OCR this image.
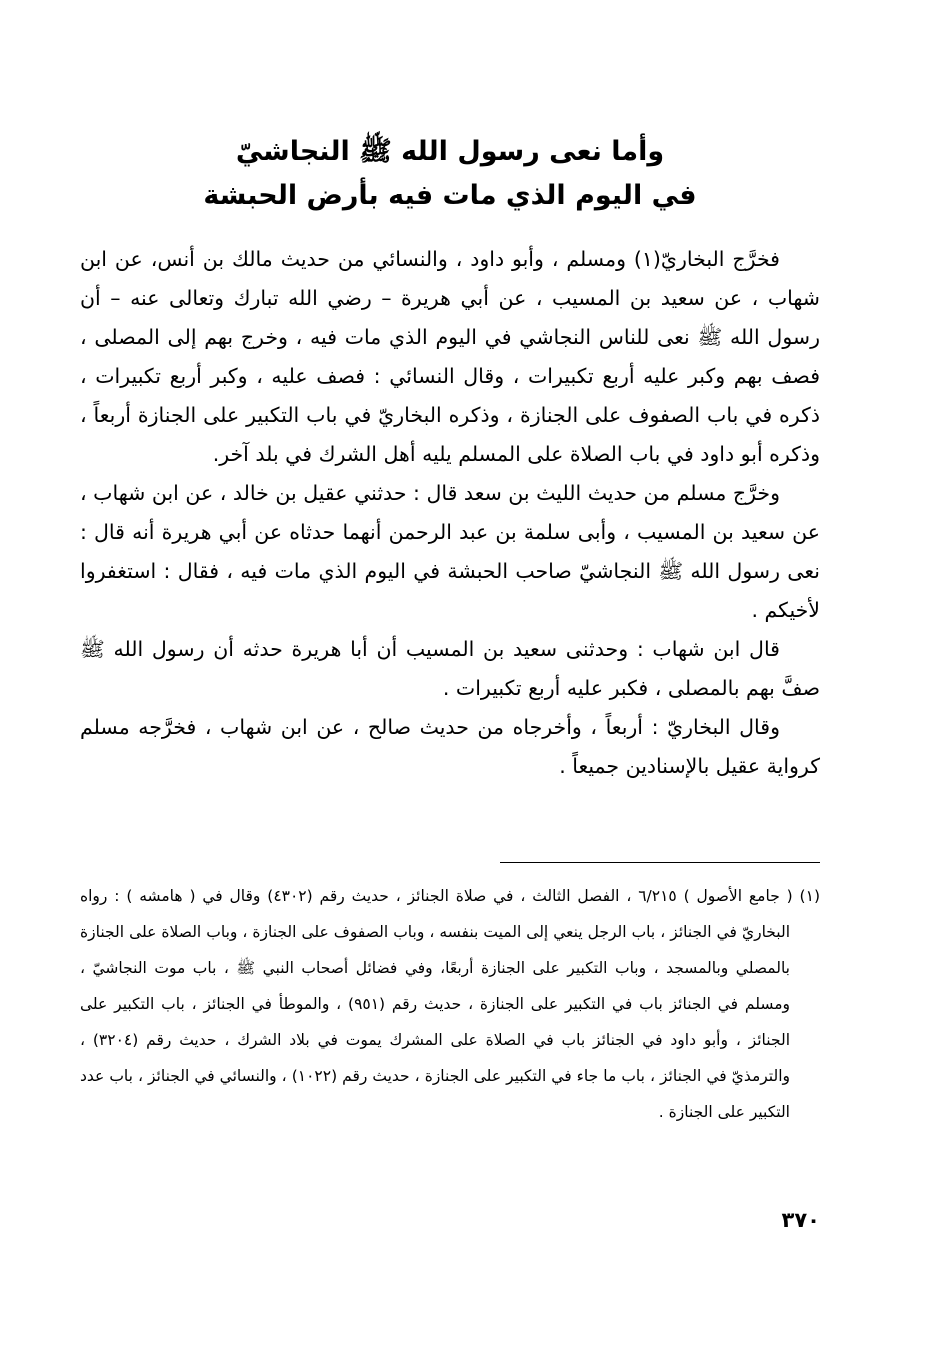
وأما نعى رسول الله ﷺ النجاشيّ
في اليوم الذي مات فيه بأرض الحبشة

فخرَّج البخاريّ(١) ومسلم ، وأبو داود ، والنسائي من حديث مالك بن أنس، عن ابن شهاب ، عن سعيد بن المسيب ، عن أبي هريرة – رضي الله تبارك وتعالى عنه – أن رسول الله ﷺ نعى للناس النجاشي في اليوم الذي مات فيه ، وخرج بهم إلى المصلى ، فصف بهم وكبر عليه أربع تكبيرات ، وقال النسائي : فصف عليه ، وكبر أربع تكبيرات ، ذكره في باب الصفوف على الجنازة ، وذكره البخاريّ في باب التكبير على الجنازة أربعاً ، وذكره أبو داود في باب الصلاة على المسلم يليه أهل الشرك في بلد آخر.

وخرَّج مسلم من حديث الليث بن سعد قال : حدثني عقيل بن خالد ، عن ابن شهاب ، عن سعيد بن المسيب ، وأبى سلمة بن عبد الرحمن أنهما حدثاه عن أبي هريرة أنه قال : نعى رسول الله ﷺ النجاشيّ صاحب الحبشة في اليوم الذي مات فيه ، فقال : استغفروا لأخيكم .

قال ابن شهاب : وحدثنى سعيد بن المسيب أن أبا هريرة حدثه أن رسول الله ﷺ صفَّ بهم بالمصلى ، فكبر عليه أربع تكبيرات .

وقال البخاريّ : أربعاً ، وأخرجاه من حديث صالح ، عن ابن شهاب ، فخرَّجه مسلم كرواية عقيل بالإسنادين جميعاً .

(١) ( جامع الأصول ) ٦/٢١٥ ، الفصل الثالث ، في صلاة الجنائز ، حديث رقم (٤٣٠٢) وقال في ( هامشه ) : رواه البخاريّ في الجنائز ، باب الرجل ينعي إلى الميت بنفسه ، وباب الصفوف على الجنازة ، وباب الصلاة على الجنازة بالمصلي وبالمسجد ، وباب التكبير على الجنازة أربعًا، وفي فضائل أصحاب النبي ﷺ ، باب موت النجاشيّ ، ومسلم في الجنائز باب في التكبير على الجنازة ، حديث رقم (٩٥١) ، والموطأ في الجنائز ، باب التكبير على الجنائز ، وأبو داود في الجنائز باب في الصلاة على المشرك يموت في بلاد الشرك ، حديث رقم (٣٢٠٤) ، والترمذيّ في الجنائز ، باب ما جاء في التكبير على الجنازة ، حديث رقم (١٠٢٢) ، والنسائي في الجنائز ، باب عدد التكبير على الجنازة .

٣٧٠
